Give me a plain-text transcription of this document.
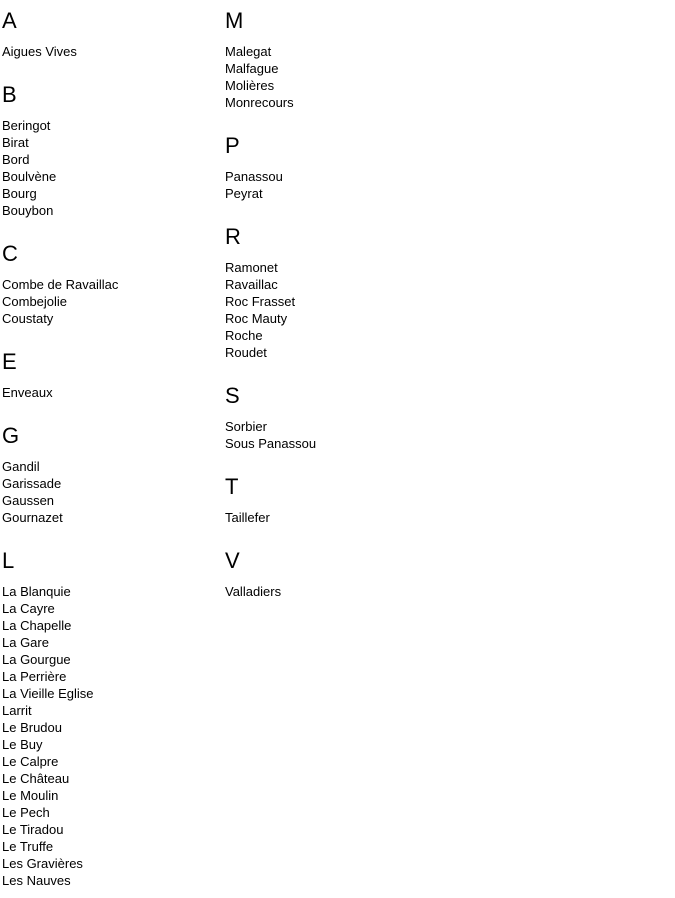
A
Aigues Vives
B
Beringot
Birat
Bord
Boulvène
Bourg
Bouybon
C
Combe de Ravaillac
Combejolie
Coustaty
E
Enveaux
G
Gandil
Garissade
Gaussen
Gournazet
L
La Blanquie
La Cayre
La Chapelle
La Gare
La Gourgue
La Perrière
La Vieille Eglise
Larrit
Le Brudou
Le Buy
Le Calpre
Le Château
Le Moulin
Le Pech
Le Tiradou
Le Truffe
Les Gravières
Les Nauves
M
Malegat
Malfague
Molières
Monrecours
P
Panassou
Peyrat
R
Ramonet
Ravaillac
Roc Frasset
Roc Mauty
Roche
Roudet
S
Sorbier
Sous Panassou
T
Taillefer
V
Valladiers
